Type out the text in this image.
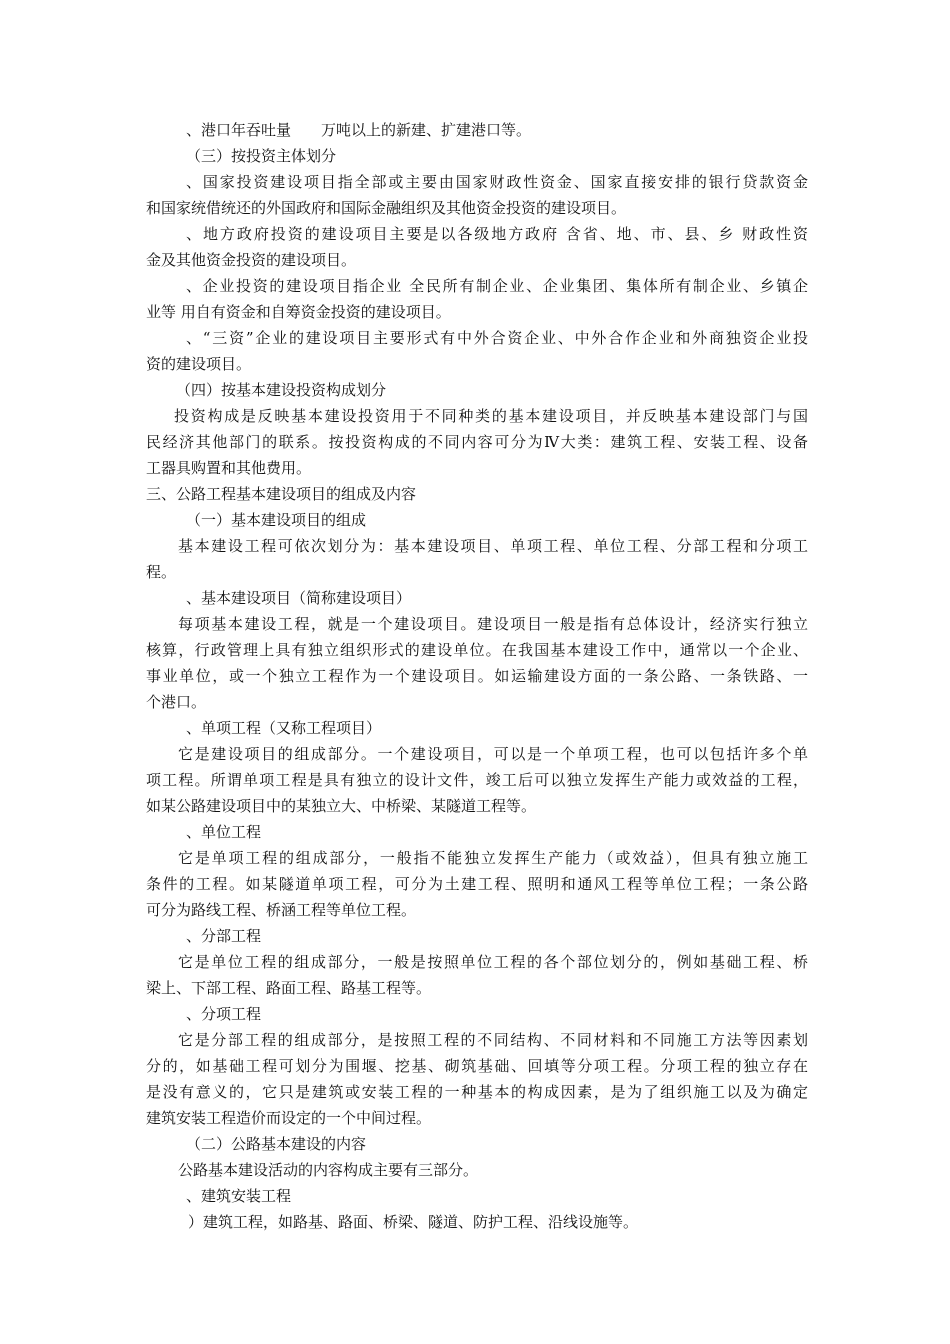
、港口年吞吐量　　万吨以上的新建、扩建港口等。
（三）按投资主体划分
、国家投资建设项目指全部或主要由国家财政性资金、国家直接安排的银行贷款资金
和国家统借统还的外国政府和国际金融组织及其他资金投资的建设项目。
、地方政府投资的建设项目主要是以各级地方政府 含省、地、市、县、乡 财政性资
金及其他资金投资的建设项目。
、企业投资的建设项目指企业 全民所有制企业、企业集团、集体所有制企业、乡镇企
业等 用自有资金和自筹资金投资的建设项目。
、“三资”企业的建设项目主要形式有中外合资企业、中外合作企业和外商独资企业投
资的建设项目。
（四）按基本建设投资构成划分
投资构成是反映基本建设投资用于不同种类的基本建设项目，并反映基本建设部门与国
民经济其他部门的联系。按投资构成的不同内容可分为Ⅳ大类：建筑工程、安装工程、设备
工器具购置和其他费用。
三、公路工程基本建设项目的组成及内容
（一）基本建设项目的组成
基本建设工程可依次划分为：基本建设项目、单项工程、单位工程、分部工程和分项工
程。
、基本建设项目（简称建设项目）
每项基本建设工程，就是一个建设项目。建设项目一般是指有总体设计，经济实行独立
核算，行政管理上具有独立组织形式的建设单位。在我国基本建设工作中，通常以一个企业、
事业单位，或一个独立工程作为一个建设项目。如运输建设方面的一条公路、一条铁路、一
个港口。
、单项工程（又称工程项目）
它是建设项目的组成部分。一个建设项目，可以是一个单项工程，也可以包括许多个单
项工程。所谓单项工程是具有独立的设计文件，竣工后可以独立发挥生产能力或效益的工程，
如某公路建设项目中的某独立大、中桥梁、某隧道工程等。
、单位工程
它是单项工程的组成部分，一般指不能独立发挥生产能力（或效益），但具有独立施工
条件的工程。如某隧道单项工程，可分为土建工程、照明和通风工程等单位工程；一条公路
可分为路线工程、桥涵工程等单位工程。
、分部工程
它是单位工程的组成部分，一般是按照单位工程的各个部位划分的，例如基础工程、桥
梁上、下部工程、路面工程、路基工程等。
、分项工程
它是分部工程的组成部分，是按照工程的不同结构、不同材料和不同施工方法等因素划
分的，如基础工程可划分为围堰、挖基、砌筑基础、回填等分项工程。分项工程的独立存在
是没有意义的，它只是建筑或安装工程的一种基本的构成因素，是为了组织施工以及为确定
建筑安装工程造价而设定的一个中间过程。
（二）公路基本建设的内容
公路基本建设活动的内容构成主要有三部分。
、建筑安装工程
）建筑工程，如路基、路面、桥梁、隧道、防护工程、沿线设施等。
